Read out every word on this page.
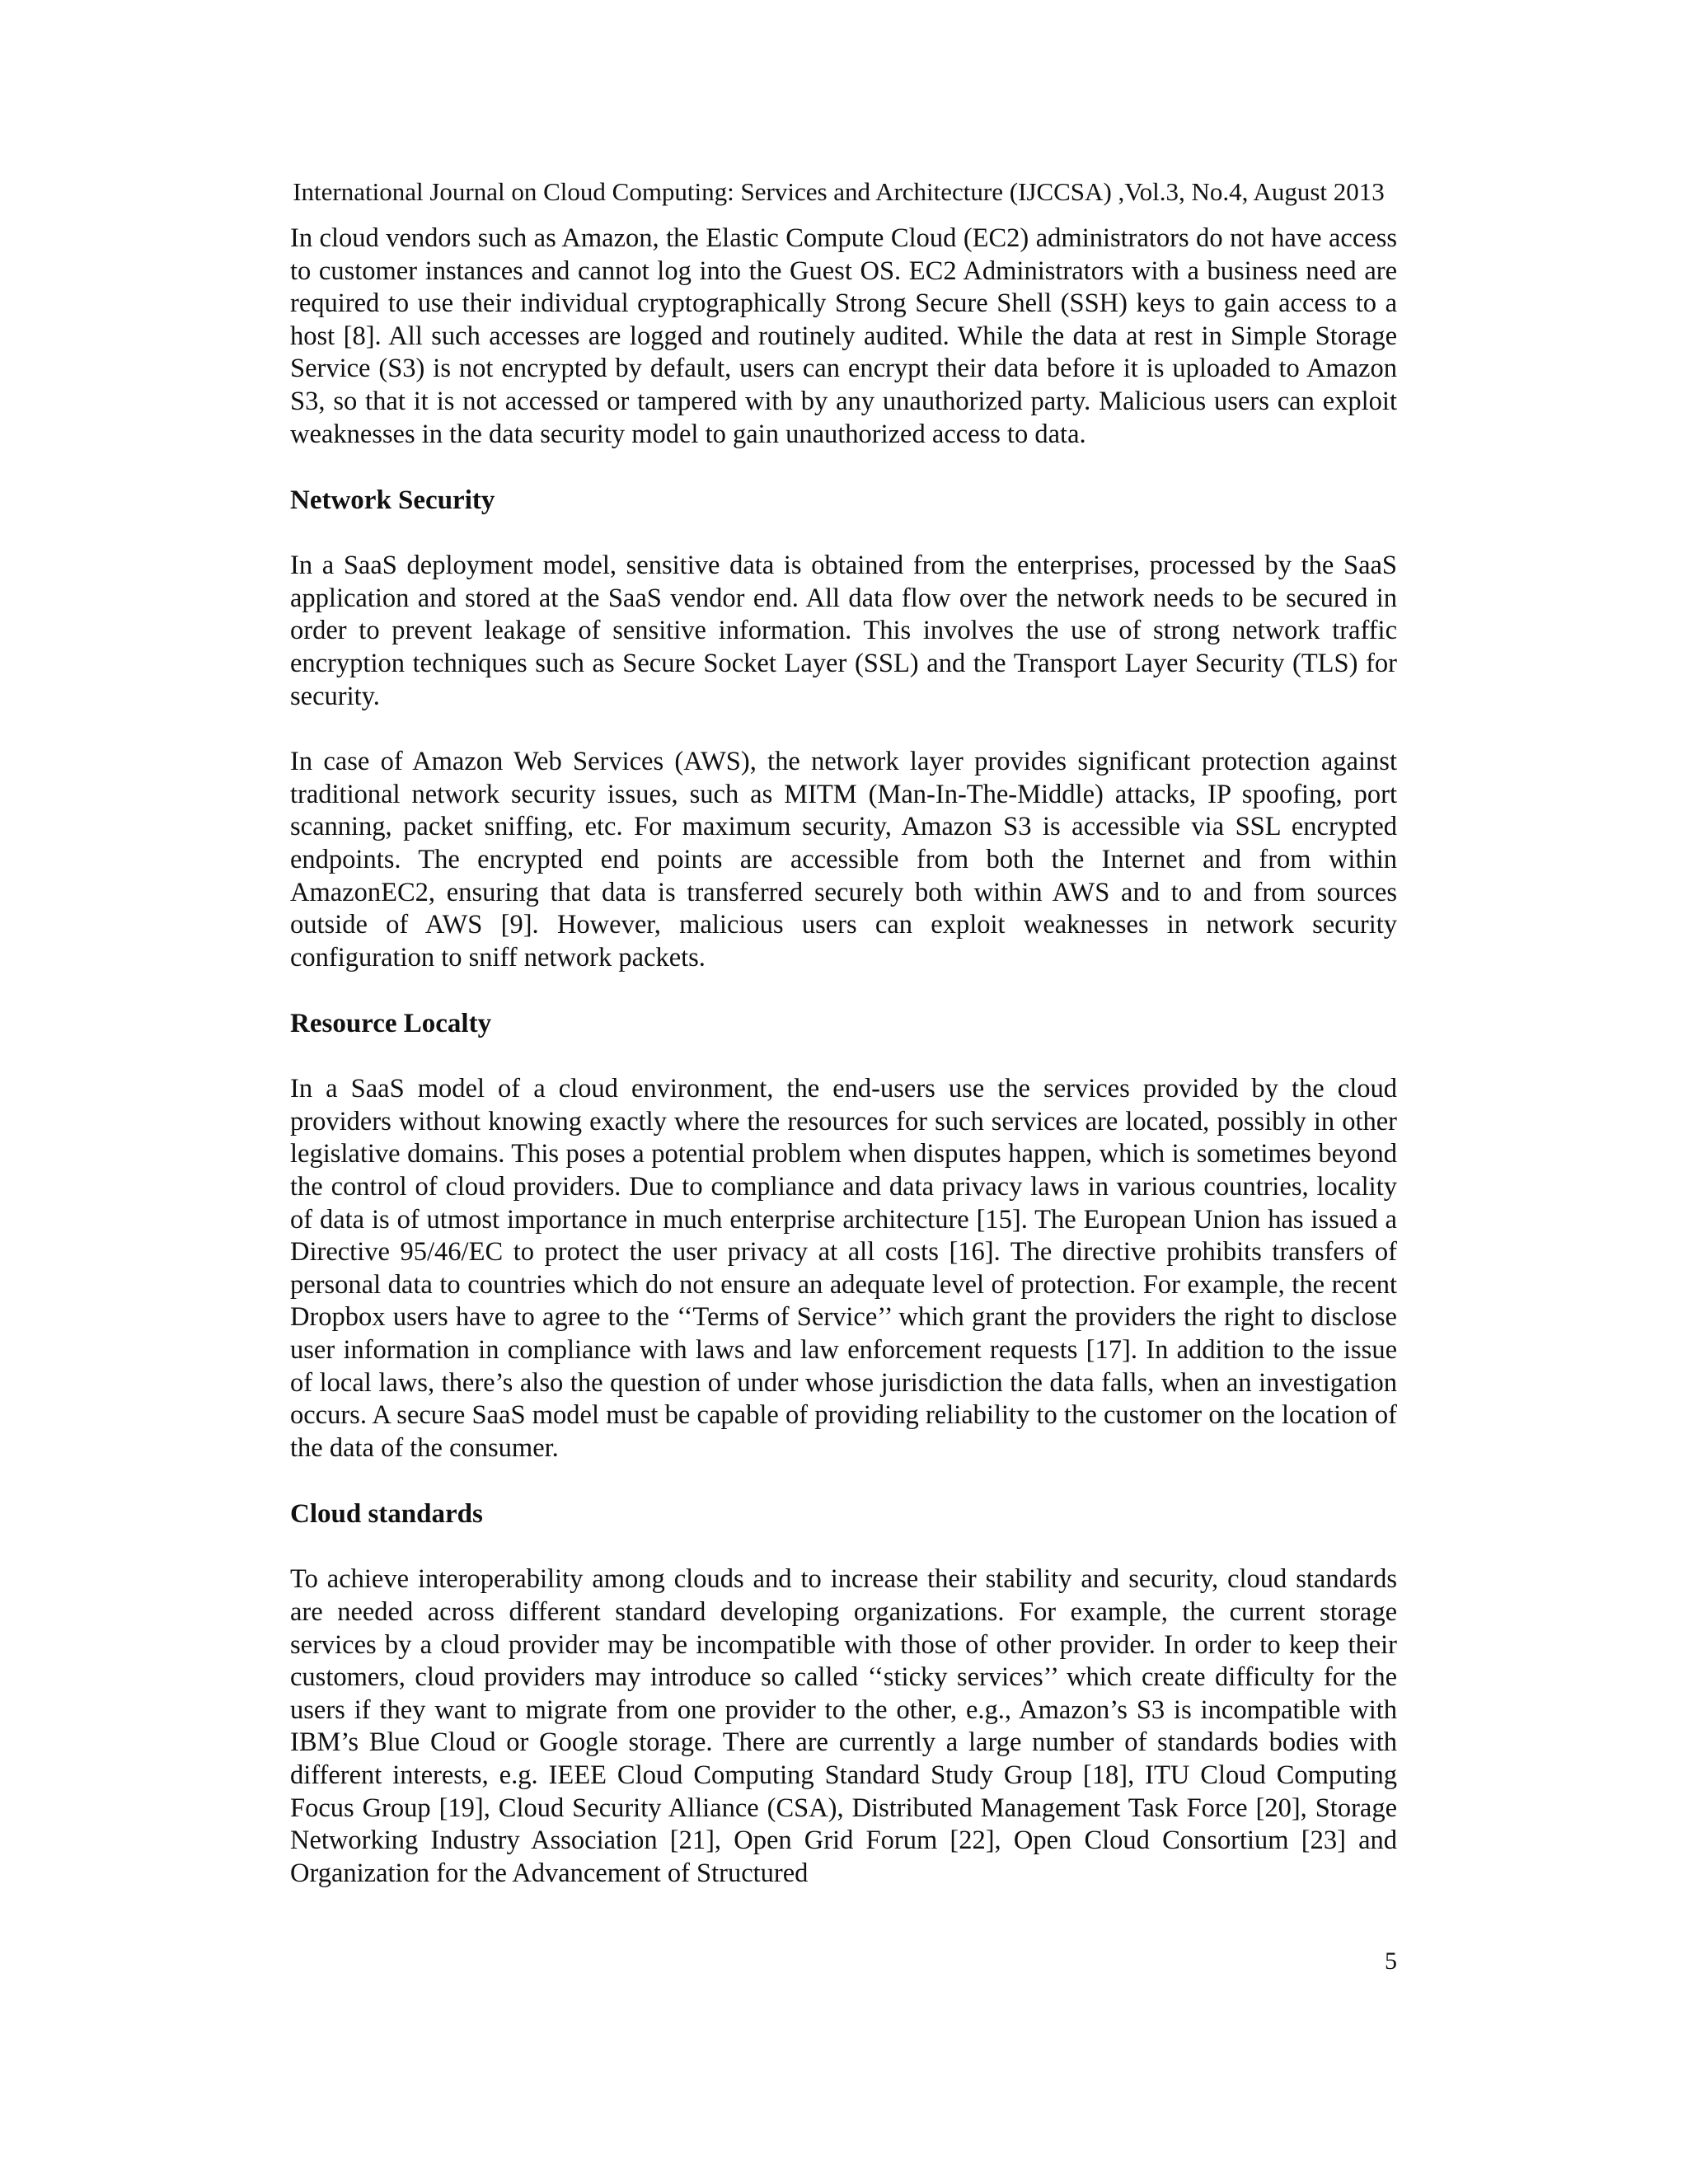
International Journal on Cloud Computing: Services and Architecture (IJCCSA) ,Vol.3, No.4, August 2013

In cloud vendors such as Amazon, the Elastic Compute Cloud (EC2) administrators do not have access to customer instances and cannot log into the Guest OS. EC2 Administrators with a business need are required to use their individual cryptographically Strong Secure Shell (SSH) keys to gain access to a host [8]. All such accesses are logged and routinely audited. While the data at rest in Simple Storage Service (S3) is not encrypted by default, users can encrypt their data before it is uploaded to Amazon S3, so that it is not accessed or tampered with by any unauthorized party. Malicious users can exploit weaknesses in the data security model to gain unauthorized access to data.

Network Security

In a SaaS deployment model, sensitive data is obtained from the enterprises, processed by the SaaS application and stored at the SaaS vendor end. All data flow over the network needs to be secured in order to prevent leakage of sensitive information. This involves the use of strong network traffic encryption techniques such as Secure Socket Layer (SSL) and the Transport Layer Security (TLS) for security.

In case of Amazon Web Services (AWS), the network layer provides significant protection against traditional network security issues, such as MITM (Man-In-The-Middle) attacks, IP spoofing, port scanning, packet sniffing, etc. For maximum security, Amazon S3 is accessible via SSL encrypted endpoints. The encrypted end points are accessible from both the Internet and from within AmazonEC2, ensuring that data is transferred securely both within AWS and to and from sources outside of AWS [9]. However, malicious users can exploit weaknesses in network security configuration to sniff network packets.

Resource Localty

In a SaaS model of a cloud environment, the end-users use the services provided by the cloud providers without knowing exactly where the resources for such services are located, possibly in other legislative domains. This poses a potential problem when disputes happen, which is sometimes beyond the control of cloud providers. Due to compliance and data privacy laws in various countries, locality of data is of utmost importance in much enterprise architecture [15]. The European Union has issued a Directive 95/46/EC to protect the user privacy at all costs [16]. The directive prohibits transfers of personal data to countries which do not ensure an adequate level of protection. For example, the recent Dropbox users have to agree to the ‘‘Terms of Service’’ which grant the providers the right to disclose user information in compliance with laws and law enforcement requests [17]. In addition to the issue of local laws, there’s also the question of under whose jurisdiction the data falls, when an investigation occurs. A secure SaaS model must be capable of providing reliability to the customer on the location of the data of the consumer.

Cloud standards

To achieve interoperability among clouds and to increase their stability and security, cloud standards are needed across different standard developing organizations. For example, the current storage services by a cloud provider may be incompatible with those of other provider. In order to keep their customers, cloud providers may introduce so called ‘‘sticky services’’ which create difficulty for the users if they want to migrate from one provider to the other, e.g., Amazon’s S3 is incompatible with IBM’s Blue Cloud or Google storage. There are currently a large number of standards bodies with different interests, e.g. IEEE Cloud Computing Standard Study Group [18], ITU Cloud Computing Focus Group [19], Cloud Security Alliance (CSA), Distributed Management Task Force [20], Storage Networking Industry Association [21], Open Grid Forum [22], Open Cloud Consortium [23] and Organization for the Advancement of Structured

5
